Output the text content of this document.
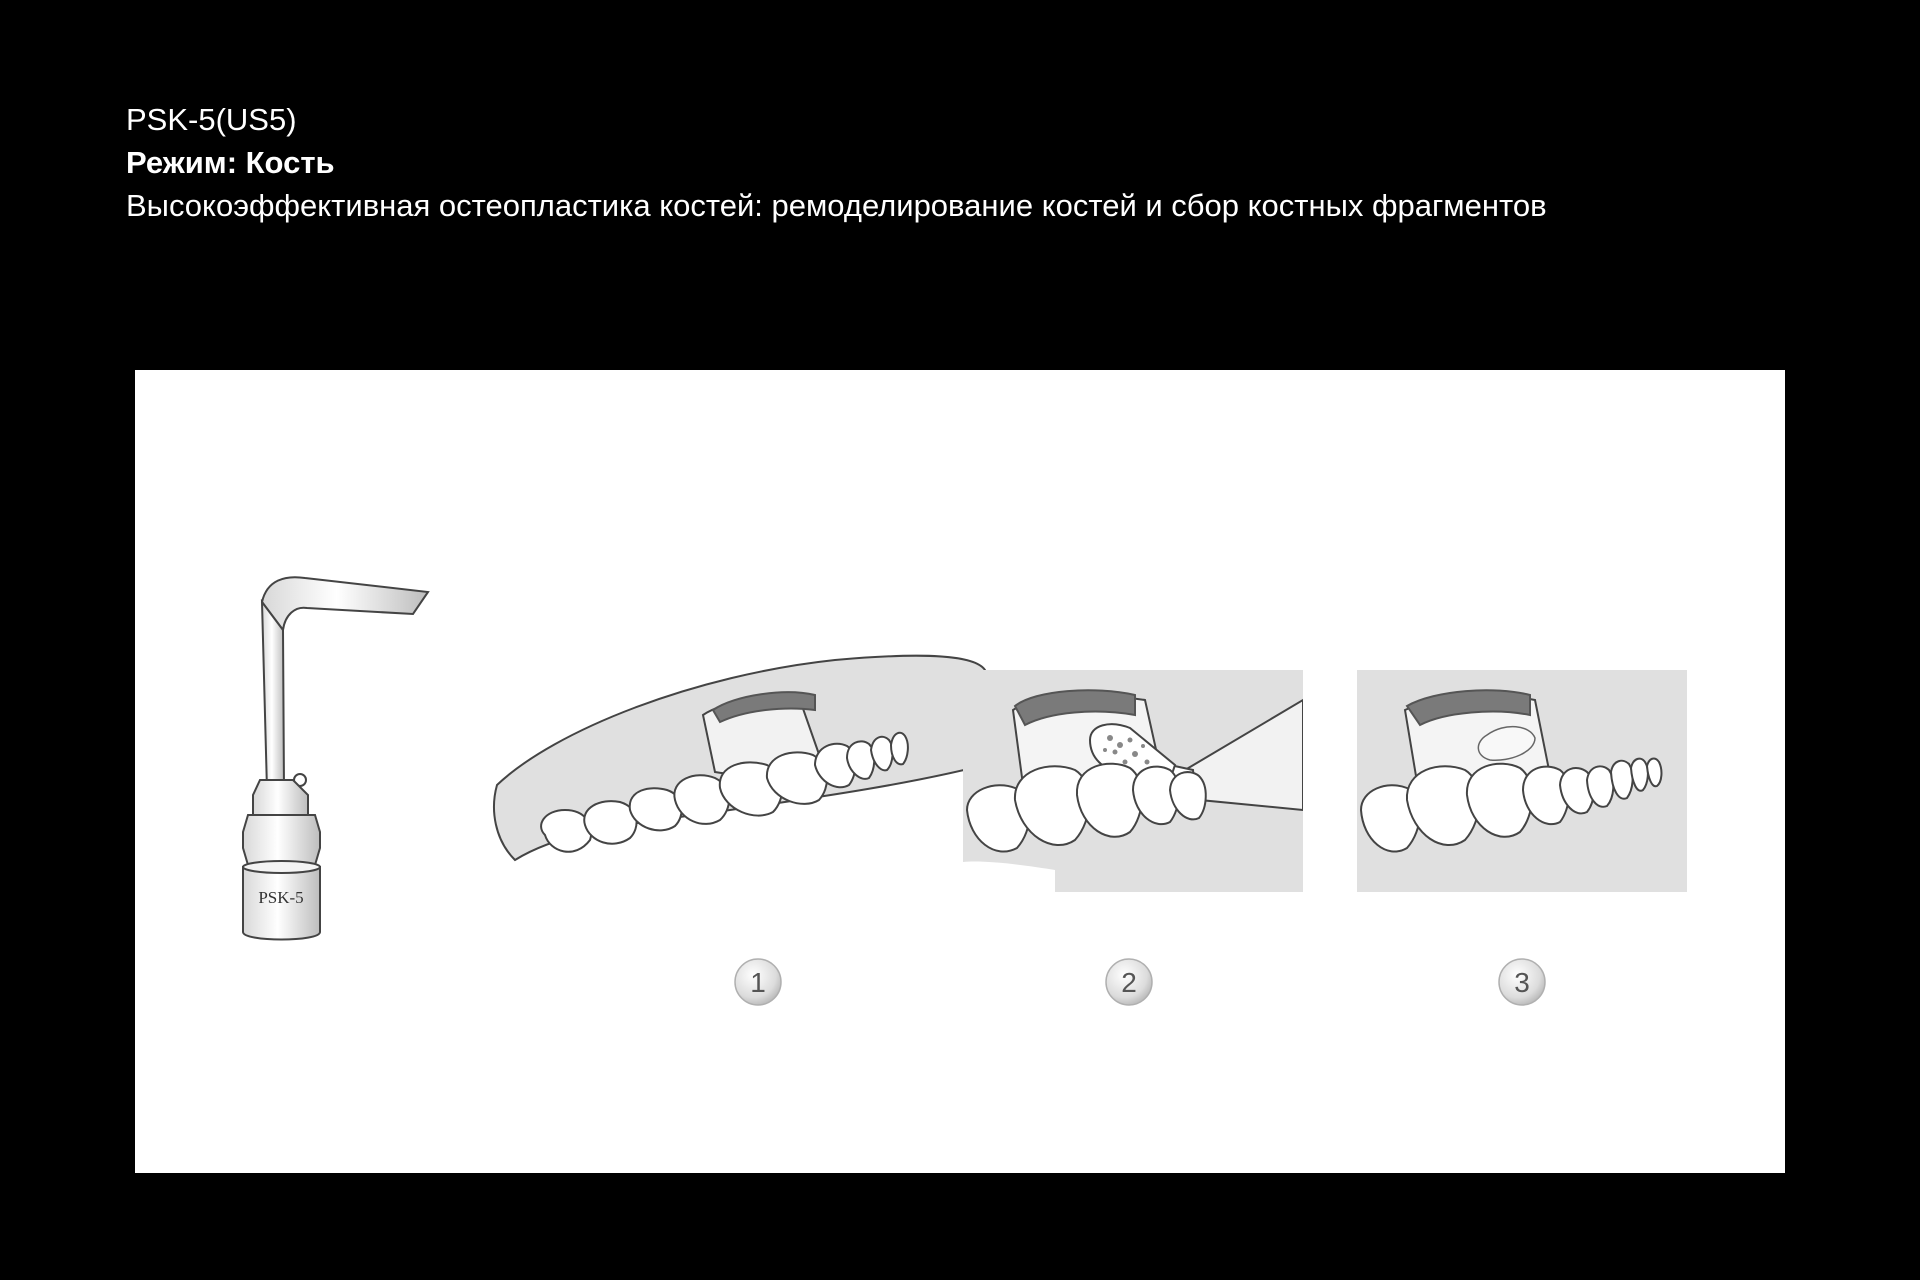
PSK-5(US5)
Режим: Кость
Высокоэффективная остеопластика костей: ремоделирование костей и сбор костных фрагментов
PSK-5
1	2	3
